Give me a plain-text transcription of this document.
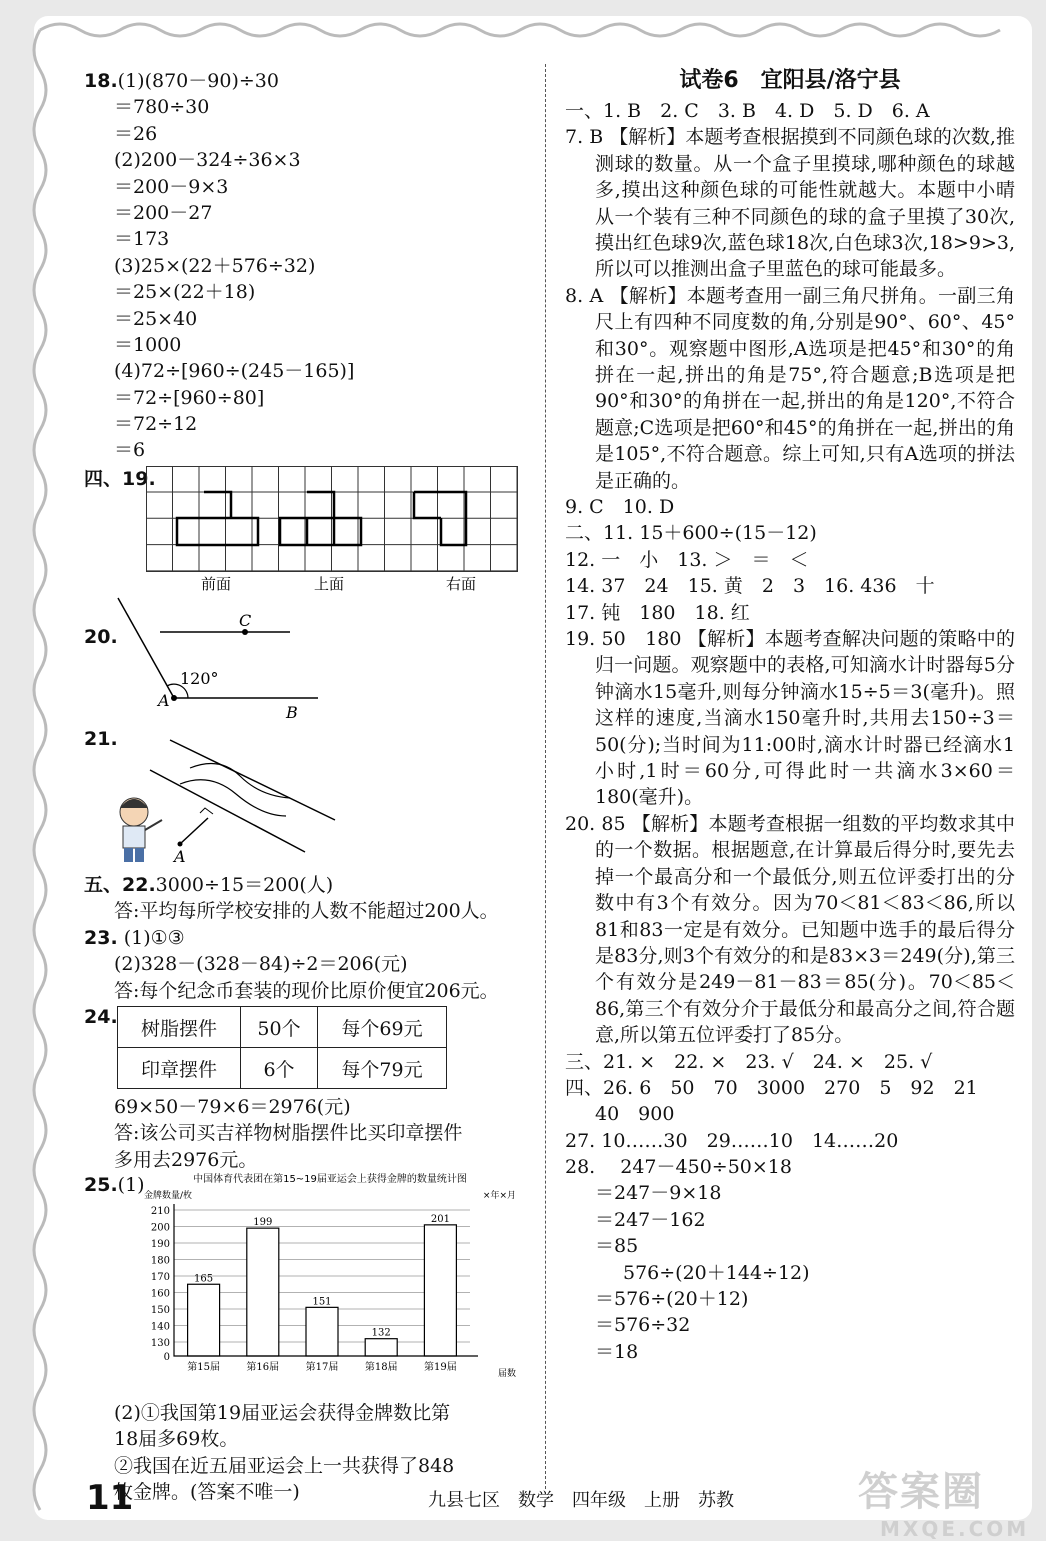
18.(1)(870－90)÷30
＝780÷30
＝26
(2)200－324÷36×3
＝200－9×3
＝200－27
＝173
(3)25×(22＋576÷32)
＝25×(22＋18)
＝25×40
＝1000
(4)72÷[960÷(245－165)]
＝72÷[960÷80]
＝72÷12
＝6
四、19.
前面	上面	右面
20.
120°
A
B
C
21.
A
五、22.3000÷15＝200(人)
答:平均每所学校安排的人数不能超过200人。
23. (1)①③
(2)328－(328－84)÷2＝206(元)
答:每个纪念币套装的现价比原价便宜206元。
24.
树脂摆件	50个	每个69元
印章摆件	6个	每个79元
69×50－79×6＝2976(元)
答:该公司买吉祥物树脂摆件比买印章摆件
多用去2976元。
25.(1)	中国体育代表团在第15~19届亚运会上获得金牌的数量统计图
金牌数量/枚	×年×月
届数
165
第15届
199
第16届
151
第17届
132
第18届
201
第19届
130
140
150
160
170
180
190
200
210
0
(2)①我国第19届亚运会获得金牌数比第
18届多69枚。
②我国在近五届亚运会上一共获得了848
枚金牌。(答案不唯一)
试卷6　宜阳县/洛宁县
一、1. B　2. C　3. B　4. D　5. D　6. A
7. B 【解析】本题考查根据摸到不同颜色球的次数,推测球的数量。从一个盒子里摸球,哪种颜色的球越多,摸出这种颜色球的可能性就越大。本题中小晴从一个装有三种不同颜色的球的盒子里摸了30次,摸出红色球9次,蓝色球18次,白色球3次,18>9>3,所以可以推测出盒子里蓝色的球可能最多。
8. A 【解析】本题考查用一副三角尺拼角。一副三角尺上有四种不同度数的角,分别是90°、60°、45°和30°。观察题中图形,A选项是把45°和30°的角拼在一起,拼出的角是75°,符合题意;B选项是把90°和30°的角拼在一起,拼出的角是120°,不符合题意;C选项是把60°和45°的角拼在一起,拼出的角是105°,不符合题意。综上可知,只有A选项的拼法是正确的。
9. C　10. D
二、11. 15＋600÷(15－12)
12. 一　小　13. ＞　＝　＜
14. 37　24　15. 黄　2　3　16. 436　十
17. 钝　180　18. 红
19. 50　180 【解析】本题考查解决问题的策略中的归一问题。观察题中的表格,可知滴水计时器每5分钟滴水15毫升,则每分钟滴水15÷5＝3(毫升)。照这样的速度,当滴水150毫升时,共用去150÷3＝50(分);当时间为11:00时,滴水计时器已经滴水1小时,1时＝60分,可得此时一共滴水3×60＝180(毫升)。
20. 85 【解析】本题考查根据一组数的平均数求其中的一个数据。根据题意,在计算最后得分时,要先去掉一个最高分和一个最低分,则五位评委打出的分数中有3个有效分。因为70＜81＜83＜86,所以81和83一定是有效分。已知题中选手的最后得分是83分,则3个有效分的和是83×3＝249(分),第三个有效分是249－81－83＝85(分)。70＜85＜86,第三个有效分介于最低分和最高分之间,符合题意,所以第五位评委打了85分。
三、21. ×　22. ×　23. √　24. ×　25. √
四、26. 6　50　70　3000　270　5　92　21
40　900
27. 10……30　29……10　14……20
28.　 247－450÷50×18
＝247－9×18
＝247－162
＝85
576÷(20＋144÷12)
＝576÷(20＋12)
＝576÷32
＝18
11	九县七区　数学　四年级　上册　苏教	答案圈
MXQE.COM
